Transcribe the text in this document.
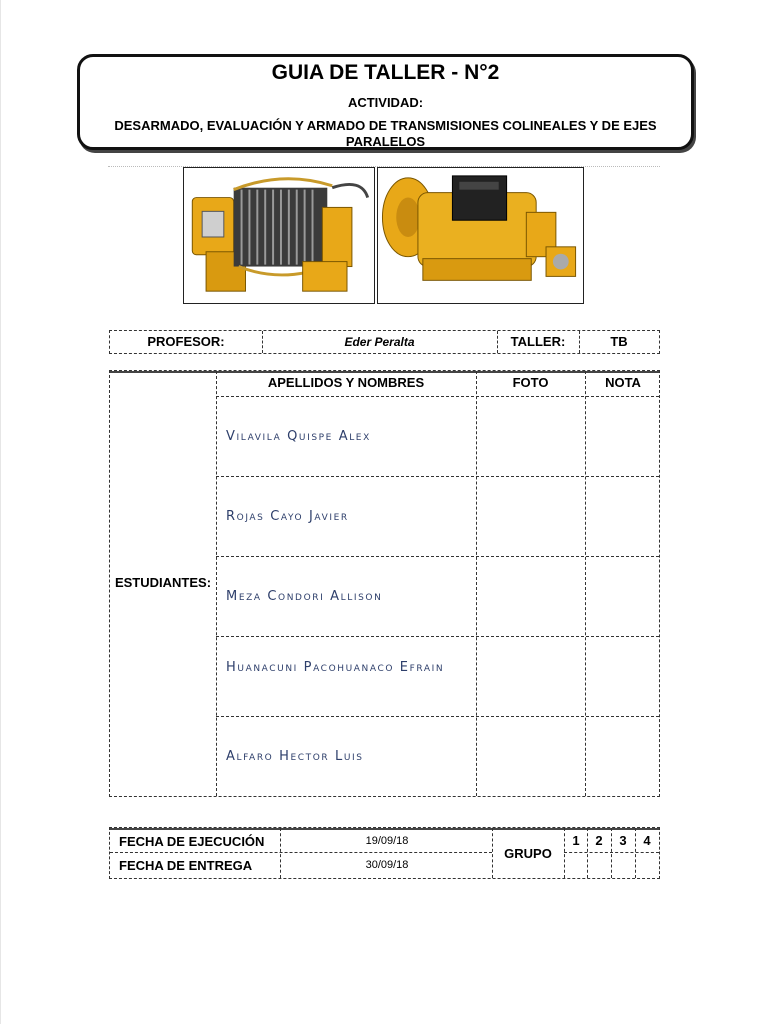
GUIA DE TALLER - N°2
ACTIVIDAD:
DESARMADO, EVALUACIÓN Y ARMADO DE TRANSMISIONES COLINEALES Y DE EJES PARALELOS
PROFESOR:	Eder Peralta	TALLER:	TB
ESTUDIANTES:
APELLIDOS Y NOMBRES	FOTO	NOTA
Vilavila Quispe Alex
Rojas Cayo Javier
Meza Condori Allison
Huanacuni Pacohuanaco Efrain
Alfaro Hector Luis
FECHA DE EJECUCIÓN	19/09/18
FECHA DE ENTREGA	30/09/18
GRUPO
1	2	3	4
